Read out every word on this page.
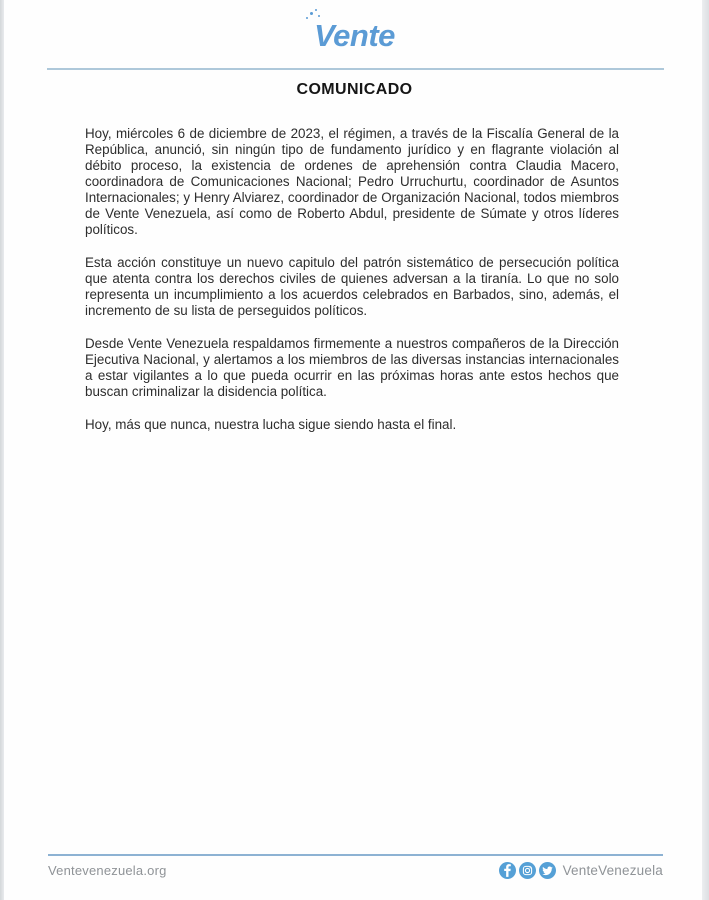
Vente
COMUNICADO

Hoy, miércoles 6 de diciembre de 2023, el régimen, a través de la Fiscalía General de la República, anunció, sin ningún tipo de fundamento jurídico y en flagrante violación al débito proceso, la existencia de ordenes de aprehensión contra Claudia Macero, coordinadora de Comunicaciones Nacional; Pedro Urruchurtu, coordinador de Asuntos Internacionales; y Henry Alviarez, coordinador de Organización Nacional, todos miembros de Vente Venezuela, así como de Roberto Abdul, presidente de Súmate y otros líderes políticos.

Esta acción constituye un nuevo capitulo del patrón sistemático de persecución política que atenta contra los derechos civiles de quienes adversan a la tiranía. Lo que no solo representa un incumplimiento a los acuerdos celebrados en Barbados, sino, además, el incremento de su lista de perseguidos políticos.

Desde Vente Venezuela respaldamos firmemente a nuestros compañeros de la Dirección Ejecutiva Nacional, y alertamos a los miembros de las diversas instancias internacionales a estar vigilantes a lo que pueda ocurrir en las próximas horas ante estos hechos que buscan criminalizar la disidencia política.

Hoy, más que nunca, nuestra lucha sigue siendo hasta el final.

Ventevenezuela.org	VenteVenezuela
